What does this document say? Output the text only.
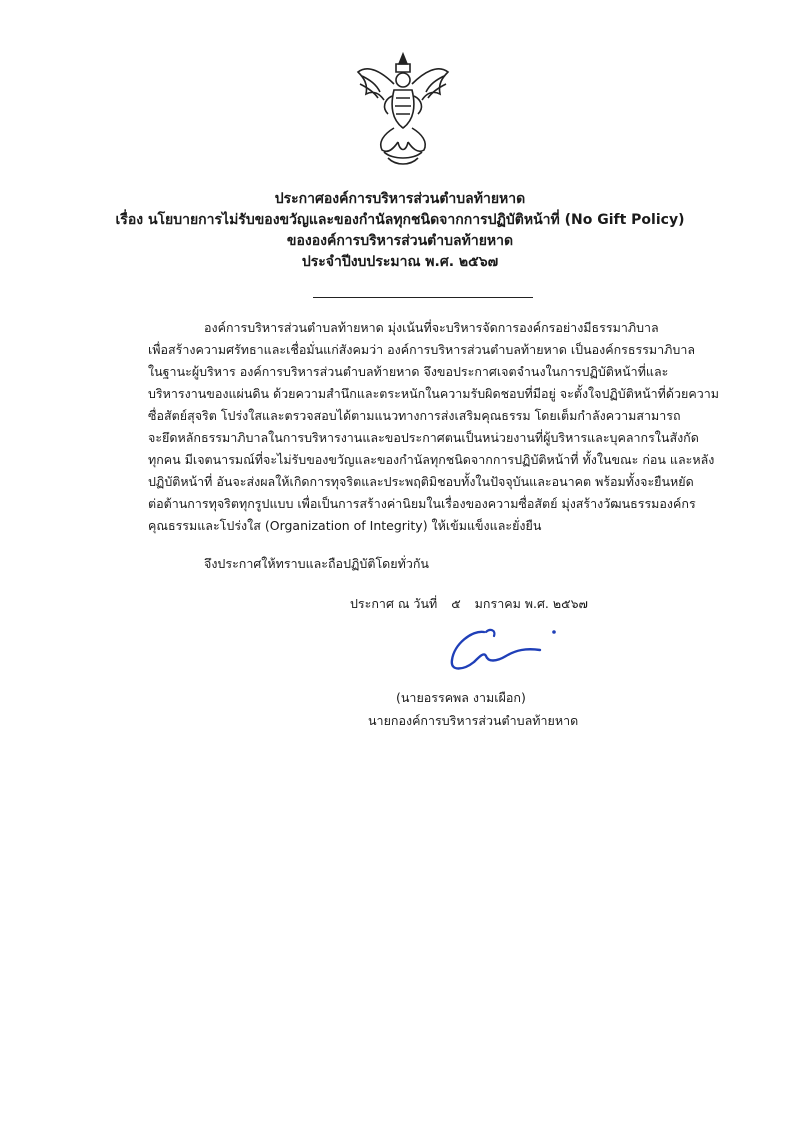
ประกาศองค์การบริหารส่วนตำบลท้ายหาด
เรื่อง นโยบายการไม่รับของขวัญและของกำนัลทุกชนิดจากการปฏิบัติหน้าที่ (No Gift Policy)
ขององค์การบริหารส่วนตำบลท้ายหาด
ประจำปีงบประมาณ พ.ศ. ๒๕๖๗
องค์การบริหารส่วนตำบลท้ายหาด มุ่งเน้นที่จะบริหารจัดการองค์กรอย่างมีธรรมาภิบาล
เพื่อสร้างความศรัทธาและเชื่อมั่นแก่สังคมว่า องค์การบริหารส่วนตำบลท้ายหาด เป็นองค์กรธรรมาภิบาล
ในฐานะผู้บริหาร องค์การบริหารส่วนตำบลท้ายหาด จึงขอประกาศเจตจำนงในการปฏิบัติหน้าที่และ
บริหารงานของแผ่นดิน ด้วยความสำนึกและตระหนักในความรับผิดชอบที่มีอยู่ จะตั้งใจปฏิบัติหน้าที่ด้วยความ
ซื่อสัตย์สุจริต โปร่งใสและตรวจสอบได้ตามแนวทางการส่งเสริมคุณธรรม โดยเต็มกำลังความสามารถ
จะยึดหลักธรรมาภิบาลในการบริหารงานและขอประกาศตนเป็นหน่วยงานที่ผู้บริหารและบุคลากรในสังกัด
ทุกคน มีเจตนารมณ์ที่จะไม่รับของขวัญและของกำนัลทุกชนิดจากการปฏิบัติหน้าที่ ทั้งในขณะ ก่อน และหลัง
ปฏิบัติหน้าที่ อันจะส่งผลให้เกิดการทุจริตและประพฤติมิชอบทั้งในปัจจุบันและอนาคต พร้อมทั้งจะยืนหยัด
ต่อต้านการทุจริตทุกรูปแบบ เพื่อเป็นการสร้างค่านิยมในเรื่องของความซื่อสัตย์ มุ่งสร้างวัฒนธรรมองค์กร
คุณธรรมและโปร่งใส (Organization of Integrity) ให้เข้มแข็งและยั่งยืน
จึงประกาศให้ทราบและถือปฏิบัติโดยทั่วกัน
ประกาศ ณ วันที่ ๕ มกราคม พ.ศ. ๒๕๖๗
(นายอรรคพล งามเผือก)
นายกองค์การบริหารส่วนตำบลท้ายหาด
